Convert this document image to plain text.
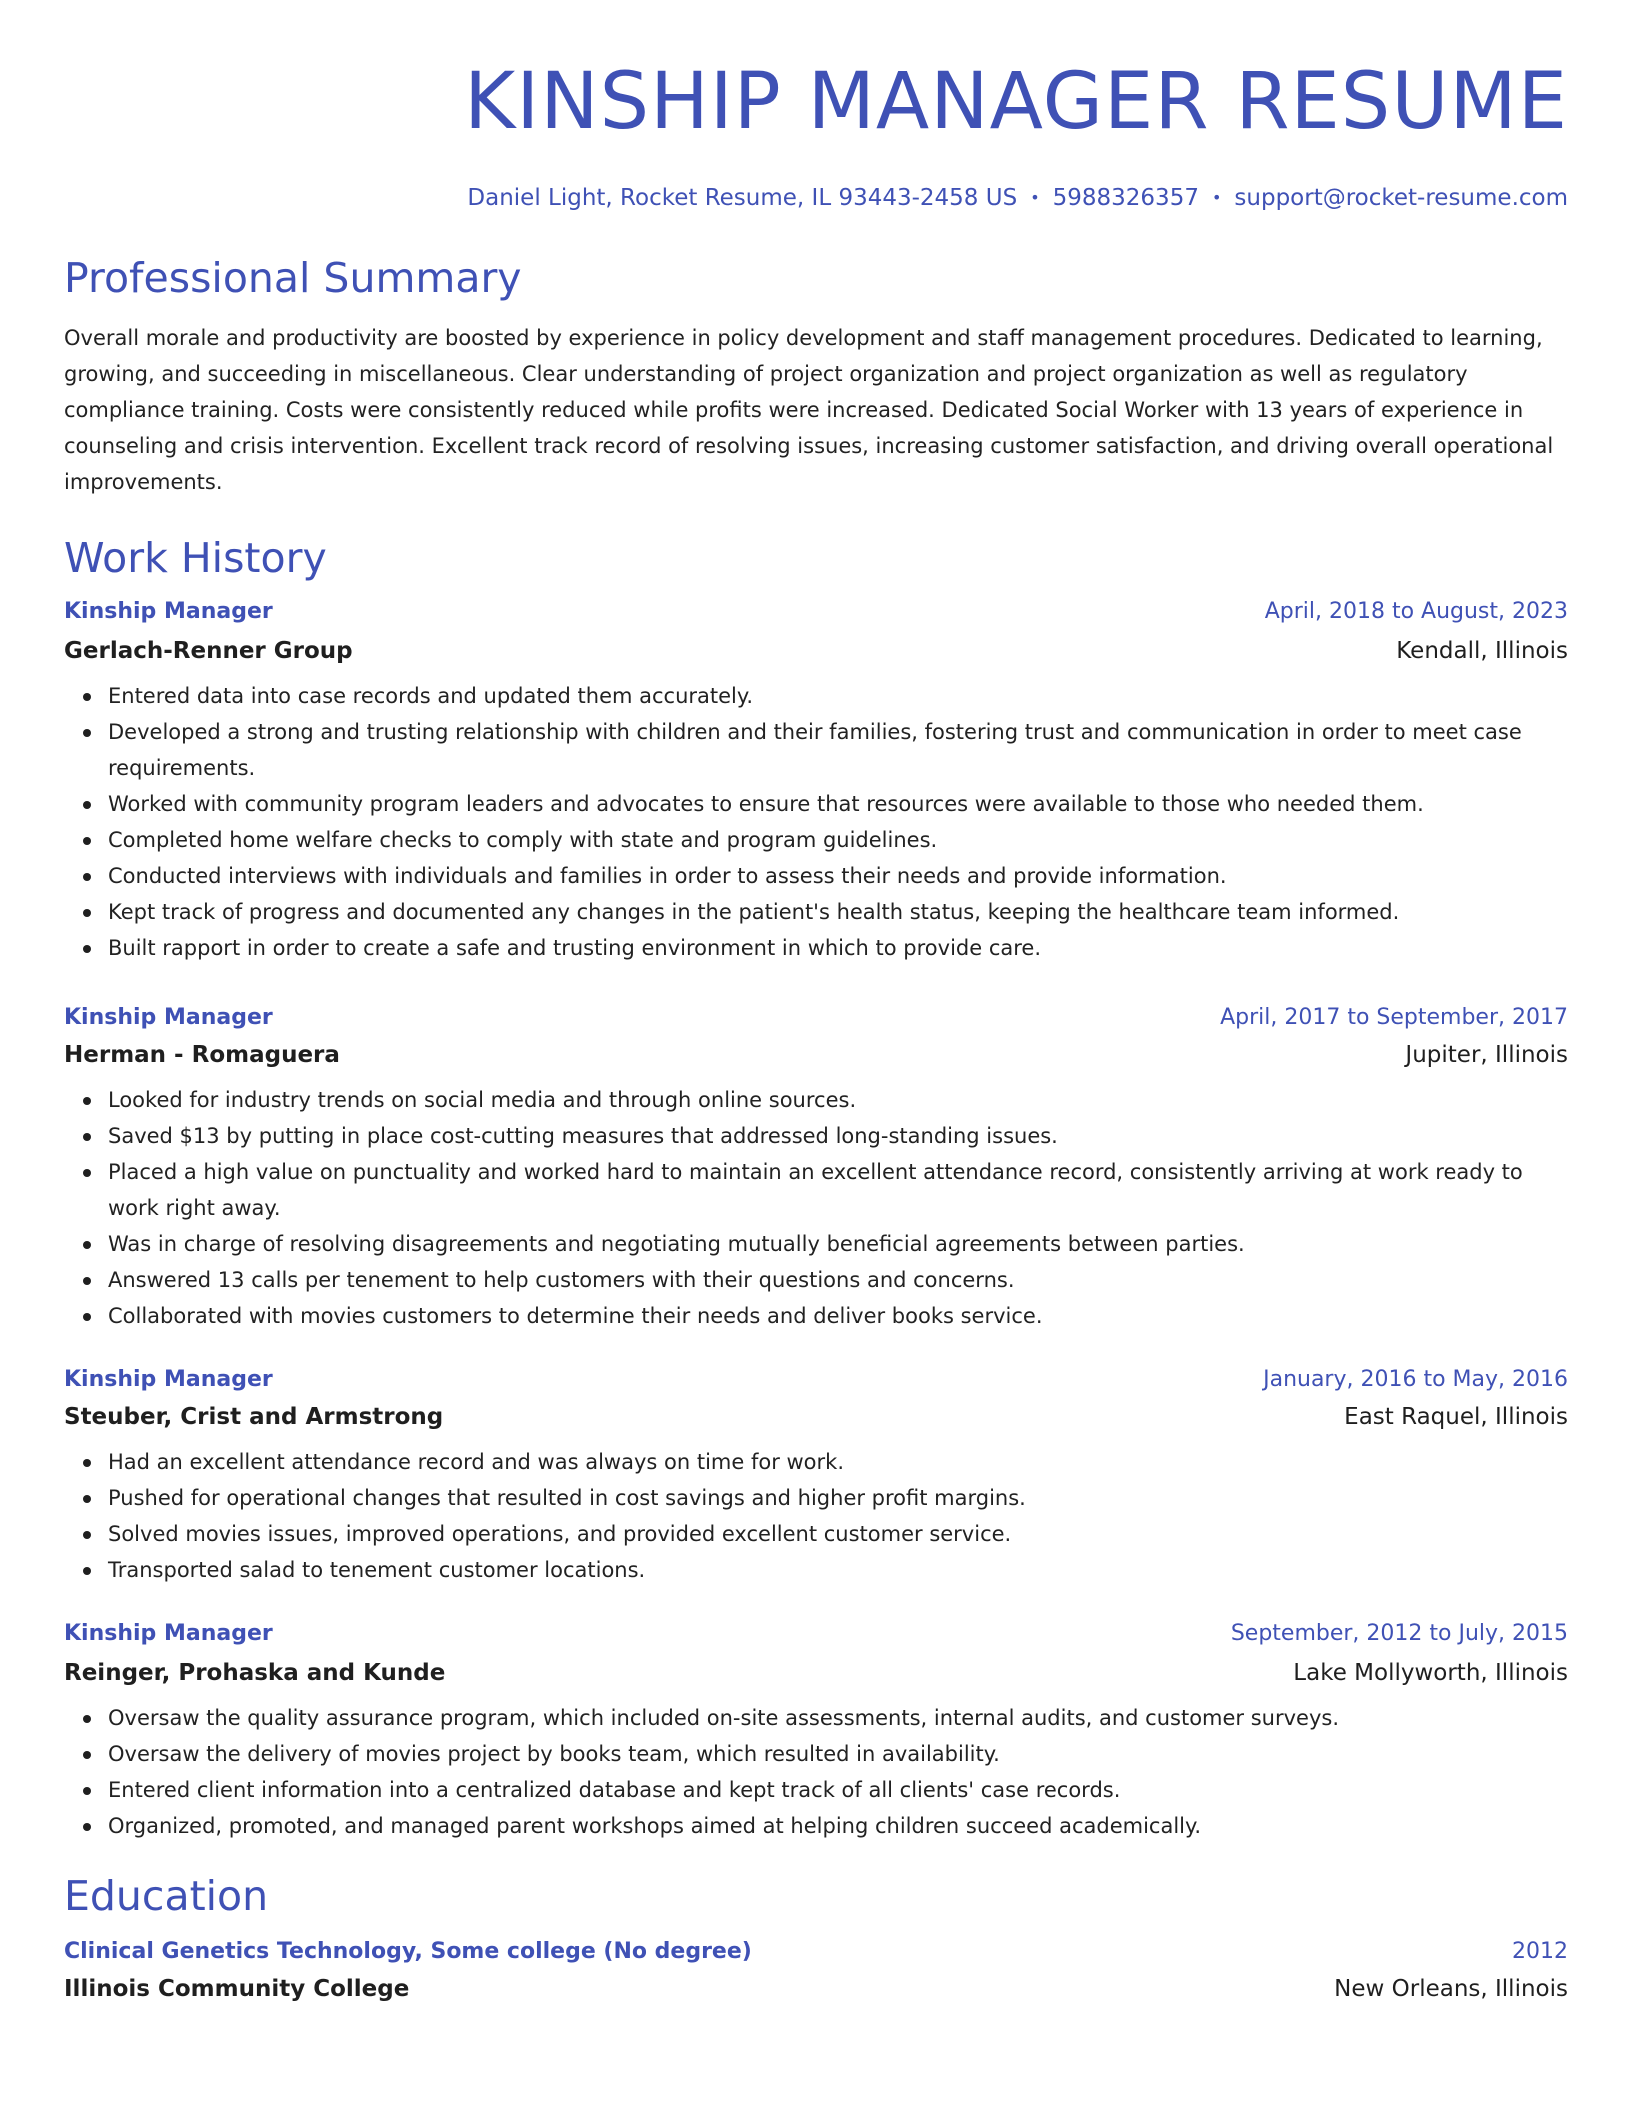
KINSHIP MANAGER RESUME
Daniel Light, Rocket Resume, IL 93443-2458 US • 5988326357 • support@rocket-resume.com
Professional Summary
Overall morale and productivity are boosted by experience in policy development and staff management procedures. Dedicated to learning, growing, and succeeding in miscellaneous. Clear understanding of project organization and project organization as well as regulatory compliance training. Costs were consistently reduced while profits were increased. Dedicated Social Worker with 13 years of experience in counseling and crisis intervention. Excellent track record of resolving issues, increasing customer satisfaction, and driving overall operational improvements.
Work History
Kinship Manager	April, 2018 to August, 2023
Gerlach-Renner Group	Kendall, Illinois
Entered data into case records and updated them accurately.
Developed a strong and trusting relationship with children and their families, fostering trust and communication in order to meet case requirements.
Worked with community program leaders and advocates to ensure that resources were available to those who needed them.
Completed home welfare checks to comply with state and program guidelines.
Conducted interviews with individuals and families in order to assess their needs and provide information.
Kept track of progress and documented any changes in the patient's health status, keeping the healthcare team informed.
Built rapport in order to create a safe and trusting environment in which to provide care.
Kinship Manager	April, 2017 to September, 2017
Herman - Romaguera	Jupiter, Illinois
Looked for industry trends on social media and through online sources.
Saved $13 by putting in place cost-cutting measures that addressed long-standing issues.
Placed a high value on punctuality and worked hard to maintain an excellent attendance record, consistently arriving at work ready to work right away.
Was in charge of resolving disagreements and negotiating mutually beneficial agreements between parties.
Answered 13 calls per tenement to help customers with their questions and concerns.
Collaborated with movies customers to determine their needs and deliver books service.
Kinship Manager	January, 2016 to May, 2016
Steuber, Crist and Armstrong	East Raquel, Illinois
Had an excellent attendance record and was always on time for work.
Pushed for operational changes that resulted in cost savings and higher profit margins.
Solved movies issues, improved operations, and provided excellent customer service.
Transported salad to tenement customer locations.
Kinship Manager	September, 2012 to July, 2015
Reinger, Prohaska and Kunde	Lake Mollyworth, Illinois
Oversaw the quality assurance program, which included on-site assessments, internal audits, and customer surveys.
Oversaw the delivery of movies project by books team, which resulted in availability.
Entered client information into a centralized database and kept track of all clients' case records.
Organized, promoted, and managed parent workshops aimed at helping children succeed academically.
Education
Clinical Genetics Technology, Some college (No degree)	2012
Illinois Community College	New Orleans, Illinois
